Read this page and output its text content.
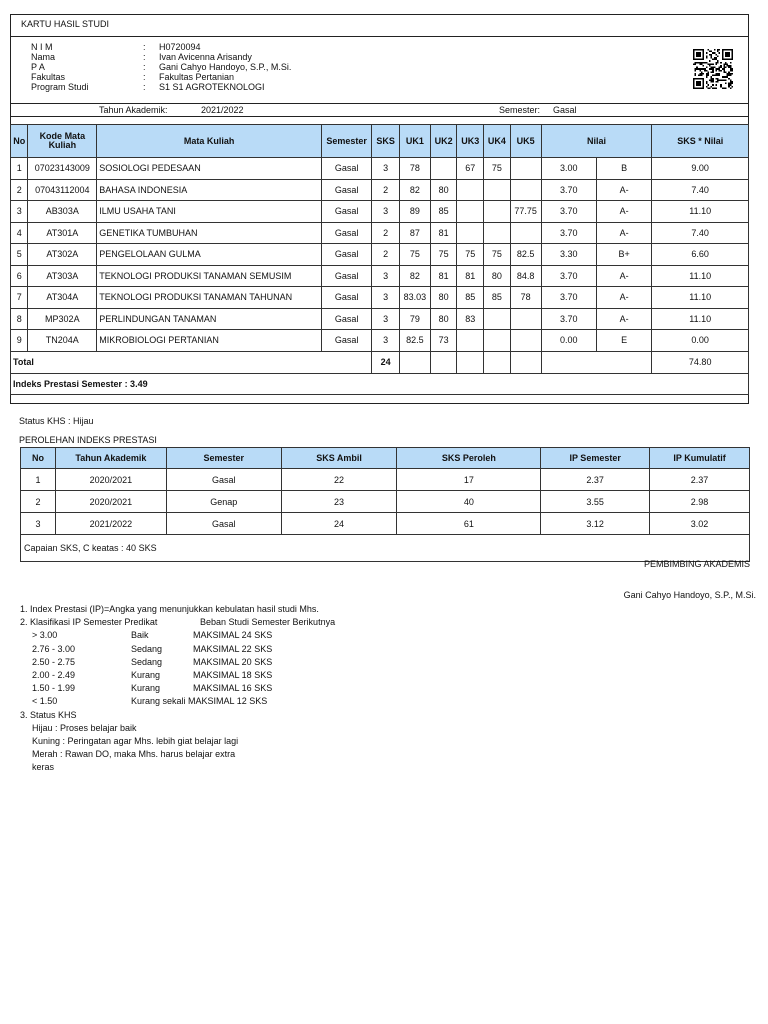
KARTU HASIL STUDI
N I M	: H0720094
Nama	: Ivan Avicenna Arisandy
P A	: Gani Cahyo Handoyo, S.P., M.Si.
Fakultas	: Fakultas Pertanian
Program Studi	: S1 S1 AGROTEKNOLOGI
Tahun Akademik:	2021/2022	Semester: Gasal
No	Kode Mata Kuliah	Mata Kuliah	Semester	SKS	UK1	UK2	UK3	UK4	UK5	Nilai		SKS * Nilai
1	07023143009	SOSIOLOGI PEDESAAN	Gasal	3	78		67	75		3.00	B	9.00
2	07043112004	BAHASA INDONESIA	Gasal	2	82	80				3.70	A-	7.40
3	AB303A	ILMU USAHA TANI	Gasal	3	89	85			77.75	3.70	A-	11.10
4	AT301A	GENETIKA TUMBUHAN	Gasal	2	87	81				3.70	A-	7.40
5	AT302A	PENGELOLAAN GULMA	Gasal	2	75	75	75	75	82.5	3.30	B+	6.60
6	AT303A	TEKNOLOGI PRODUKSI TANAMAN SEMUSIM	Gasal	3	82	81	81	80	84.8	3.70	A-	11.10
7	AT304A	TEKNOLOGI PRODUKSI TANAMAN TAHUNAN	Gasal	3	83.03	80	85	85	78	3.70	A-	11.10
8	MP302A	PERLINDUNGAN TANAMAN	Gasal	3	79	80	83			3.70	A-	11.10
9	TN204A	MIKROBIOLOGI PERTANIAN	Gasal	3	82.5	73				0.00	E	0.00
Total				24								74.80
Indeks Prestasi Semester : 3.49												
Status KHS : Hijau
PEROLEHAN INDEKS PRESTASI
No	Tahun Akademik	Semester	SKS Ambil	SKS Peroleh	IP Semester	IP Kumulatif
1	2020/2021	Gasal	22	17	2.37	2.37
2	2020/2021	Genap	23	40	3.55	2.98
3	2021/2022	Gasal	24	61	3.12	3.02
Capaian SKS, C keatas : 40 SKS						
PEMBIMBING AKADEMIS
Gani Cahyo Handoyo, S.P., M.Si.
1. Index Prestasi (IP)=Angka yang menunjukkan kebulatan hasil studi Mhs.
2. Klasifikasi IP Semester Predikat	Beban Studi Semester Berikutnya
> 3.00	Baik	MAKSIMAL 24 SKS
2.76 - 3.00	Sedang	MAKSIMAL 22 SKS
2.50 - 2.75	Sedang	MAKSIMAL 20 SKS
2.00 - 2.49	Kurang	MAKSIMAL 18 SKS
1.50 - 1.99	Kurang	MAKSIMAL 16 SKS
< 1.50	Kurang sekali MAKSIMAL 12 SKS
3. Status KHS
Hijau : Proses belajar baik
Kuning : Peringatan agar Mhs. lebih giat belajar lagi
Merah : Rawan DO, maka Mhs. harus belajar extra
keras
